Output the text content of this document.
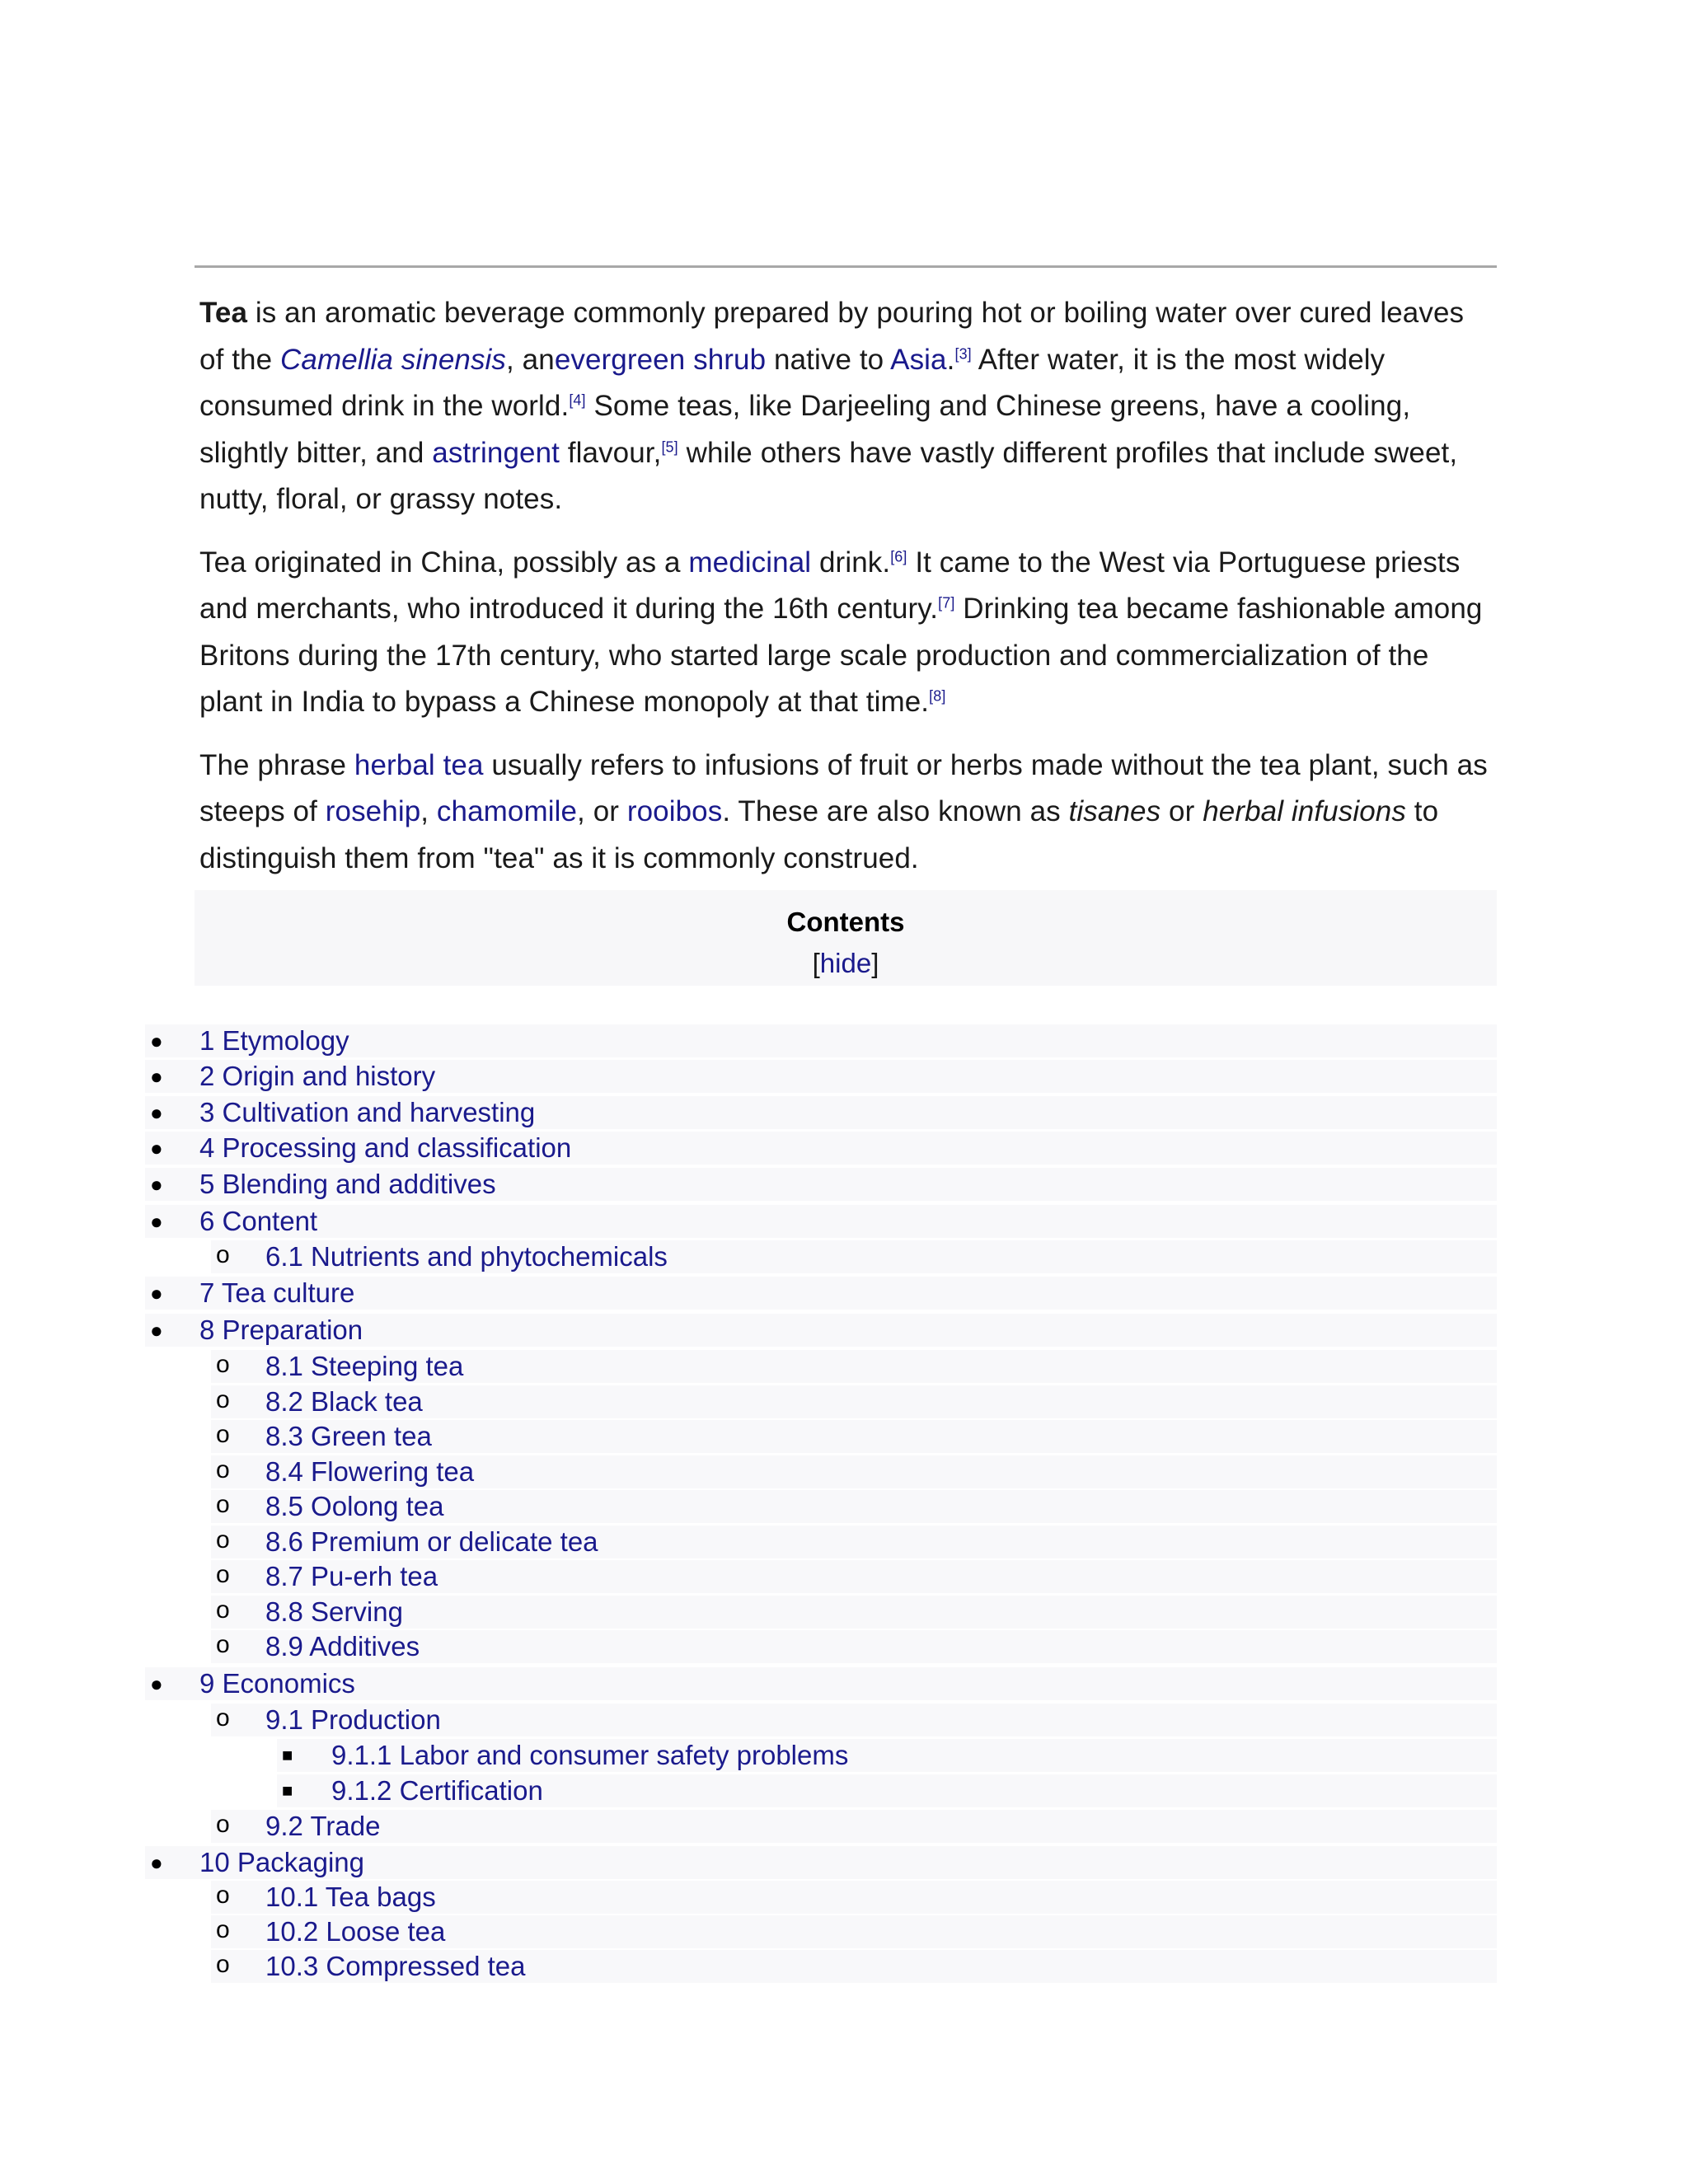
Tea is an aromatic beverage commonly prepared by pouring hot or boiling water over cured leaves of the Camellia sinensis, anevergreen shrub native to Asia.[3] After water, it is the most widely consumed drink in the world.[4] Some teas, like Darjeeling and Chinese greens, have a cooling, slightly bitter, and astringent flavour,[5] while others have vastly different profiles that include sweet, nutty, floral, or grassy notes.

Tea originated in China, possibly as a medicinal drink.[6] It came to the West via Portuguese priests and merchants, who introduced it during the 16th century.[7] Drinking tea became fashionable among Britons during the 17th century, who started large scale production and commercialization of the plant in India to bypass a Chinese monopoly at that time.[8]

The phrase herbal tea usually refers to infusions of fruit or herbs made without the tea plant, such as steeps of rosehip, chamomile, or rooibos. These are also known as tisanes or herbal infusions to distinguish them from "tea" as it is commonly construed.

Contents
[hide]
● 1 Etymology
● 2 Origin and history
● 3 Cultivation and harvesting
● 4 Processing and classification
● 5 Blending and additives
● 6 Content
o 6.1 Nutrients and phytochemicals
● 7 Tea culture
● 8 Preparation
o 8.1 Steeping tea
o 8.2 Black tea
o 8.3 Green tea
o 8.4 Flowering tea
o 8.5 Oolong tea
o 8.6 Premium or delicate tea
o 8.7 Pu-erh tea
o 8.8 Serving
o 8.9 Additives
● 9 Economics
o 9.1 Production
■ 9.1.1 Labor and consumer safety problems
■ 9.1.2 Certification
o 9.2 Trade
● 10 Packaging
o 10.1 Tea bags
o 10.2 Loose tea
o 10.3 Compressed tea
